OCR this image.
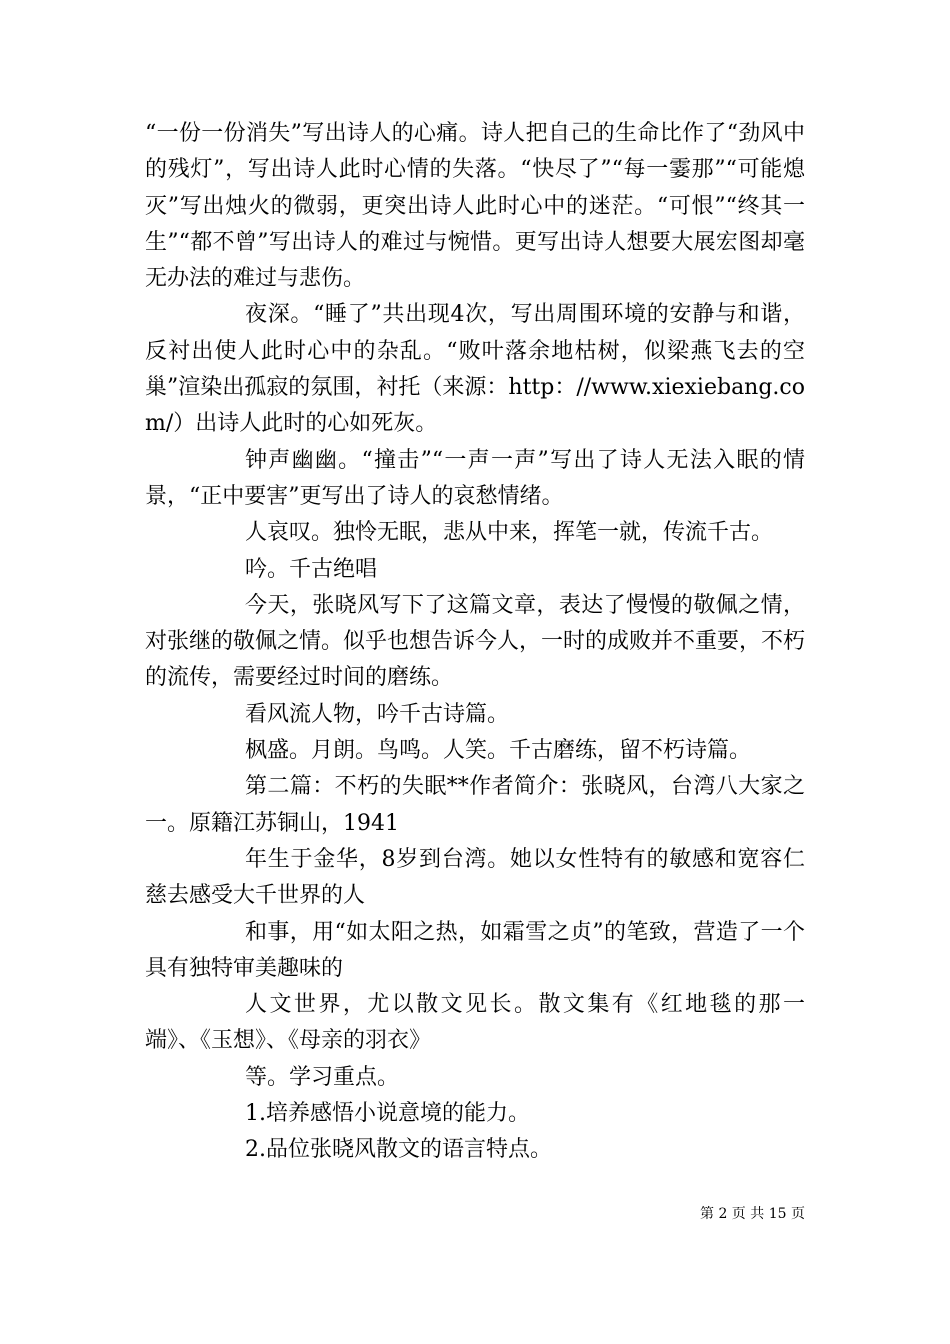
“一份一份消失”写出诗人的心痛。诗人把自己的生命比作了“劲风中的残灯”，写出诗人此时心情的失落。“快尽了”“每一霎那”“可能熄灭”写出烛火的微弱，更突出诗人此时心中的迷茫。“可恨”“终其一生”“都不曾”写出诗人的难过与惋惜。更写出诗人想要大展宏图却毫无办法的难过与悲伤。

夜深。“睡了”共出现4次，写出周围环境的安静与和谐，反衬出使人此时心中的杂乱。“败叶落余地枯树，似梁燕飞去的空巢”渲染出孤寂的氛围，衬托（来源：http：//www.xiexiebang.com/）出诗人此时的心如死灰。

钟声幽幽。“撞击”“一声一声”写出了诗人无法入眠的情景，“正中要害”更写出了诗人的哀愁情绪。

人哀叹。独怜无眠，悲从中来，挥笔一就，传流千古。

吟。千古绝唱

今天，张晓风写下了这篇文章，表达了慢慢的敬佩之情，对张继的敬佩之情。似乎也想告诉今人，一时的成败并不重要，不朽的流传，需要经过时间的磨练。

看风流人物，吟千古诗篇。

枫盛。月朗。鸟鸣。人笑。千古磨练，留不朽诗篇。

第二篇：不朽的失眠**作者简介：张晓风，台湾八大家之一。原籍江苏铜山，1941

年生于金华，8岁到台湾。她以女性特有的敏感和宽容仁慈去感受大千世界的人

和事，用“如太阳之热，如霜雪之贞”的笔致，营造了一个具有独特审美趣味的

人文世界，尤以散文见长。散文集有《红地毯的那一端》、《玉想》、《母亲的羽衣》

等。学习重点。

1.培养感悟小说意境的能力。

2.品位张晓风散文的语言特点。

第 2 页 共 15 页
